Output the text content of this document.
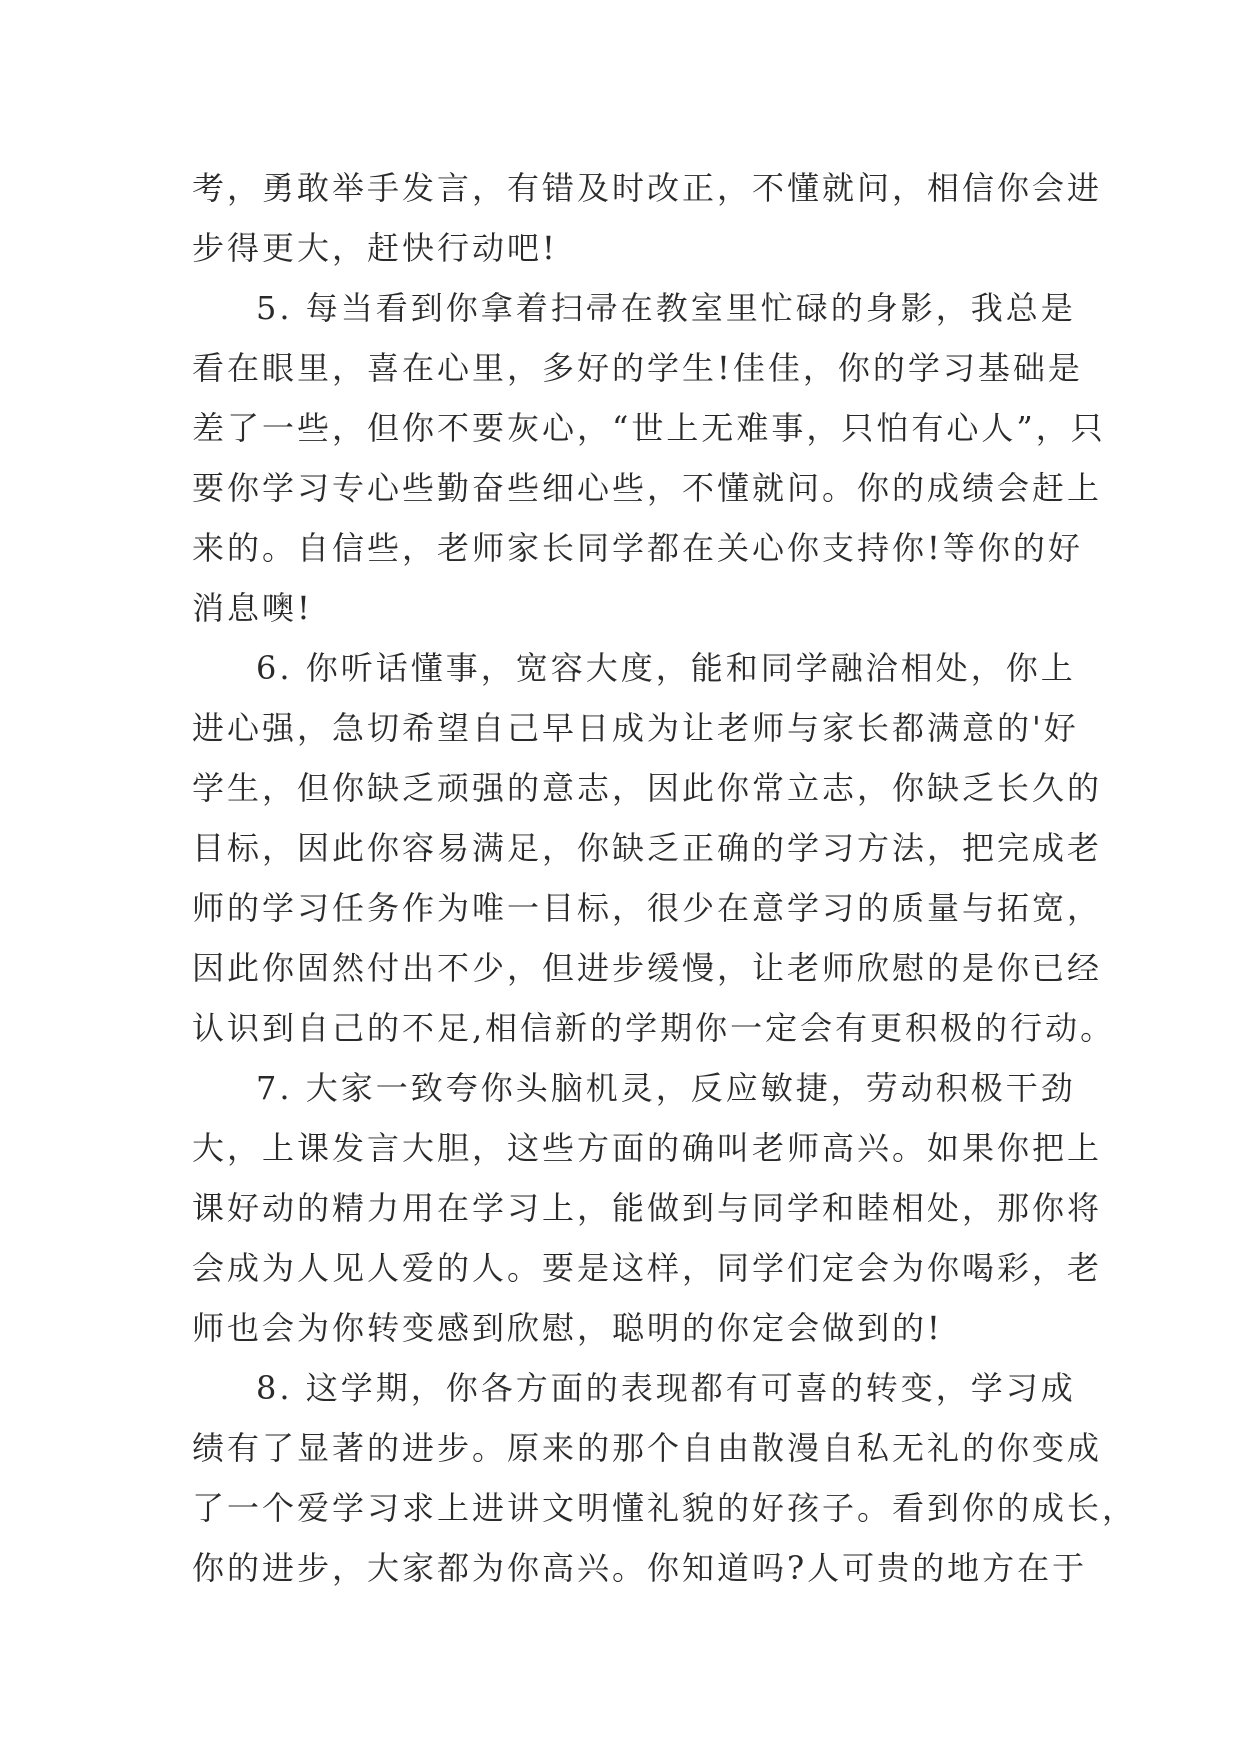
考，勇敢举手发言，有错及时改正，不懂就问，相信你会进
步得更大，赶快行动吧!
5. 每当看到你拿着扫帚在教室里忙碌的身影，我总是
看在眼里，喜在心里，多好的学生!佳佳，你的学习基础是
差了一些，但你不要灰心，“世上无难事，只怕有心人”，只
要你学习专心些勤奋些细心些，不懂就问。你的成绩会赶上
来的。自信些，老师家长同学都在关心你支持你!等你的好
消息噢!
6. 你听话懂事，宽容大度，能和同学融洽相处，你上
进心强，急切希望自己早日成为让老师与家长都满意的'好
学生，但你缺乏顽强的意志，因此你常立志，你缺乏长久的
目标，因此你容易满足，你缺乏正确的学习方法，把完成老
师的学习任务作为唯一目标，很少在意学习的质量与拓宽，
因此你固然付出不少，但进步缓慢，让老师欣慰的是你已经
认识到自己的不足,相信新的学期你一定会有更积极的行动。
7. 大家一致夸你头脑机灵，反应敏捷，劳动积极干劲
大，上课发言大胆，这些方面的确叫老师高兴。如果你把上
课好动的精力用在学习上，能做到与同学和睦相处，那你将
会成为人见人爱的人。要是这样，同学们定会为你喝彩，老
师也会为你转变感到欣慰，聪明的你定会做到的!
8. 这学期，你各方面的表现都有可喜的转变，学习成
绩有了显著的进步。原来的那个自由散漫自私无礼的你变成
了一个爱学习求上进讲文明懂礼貌的好孩子。看到你的成长，
你的进步，大家都为你高兴。你知道吗?人可贵的地方在于
